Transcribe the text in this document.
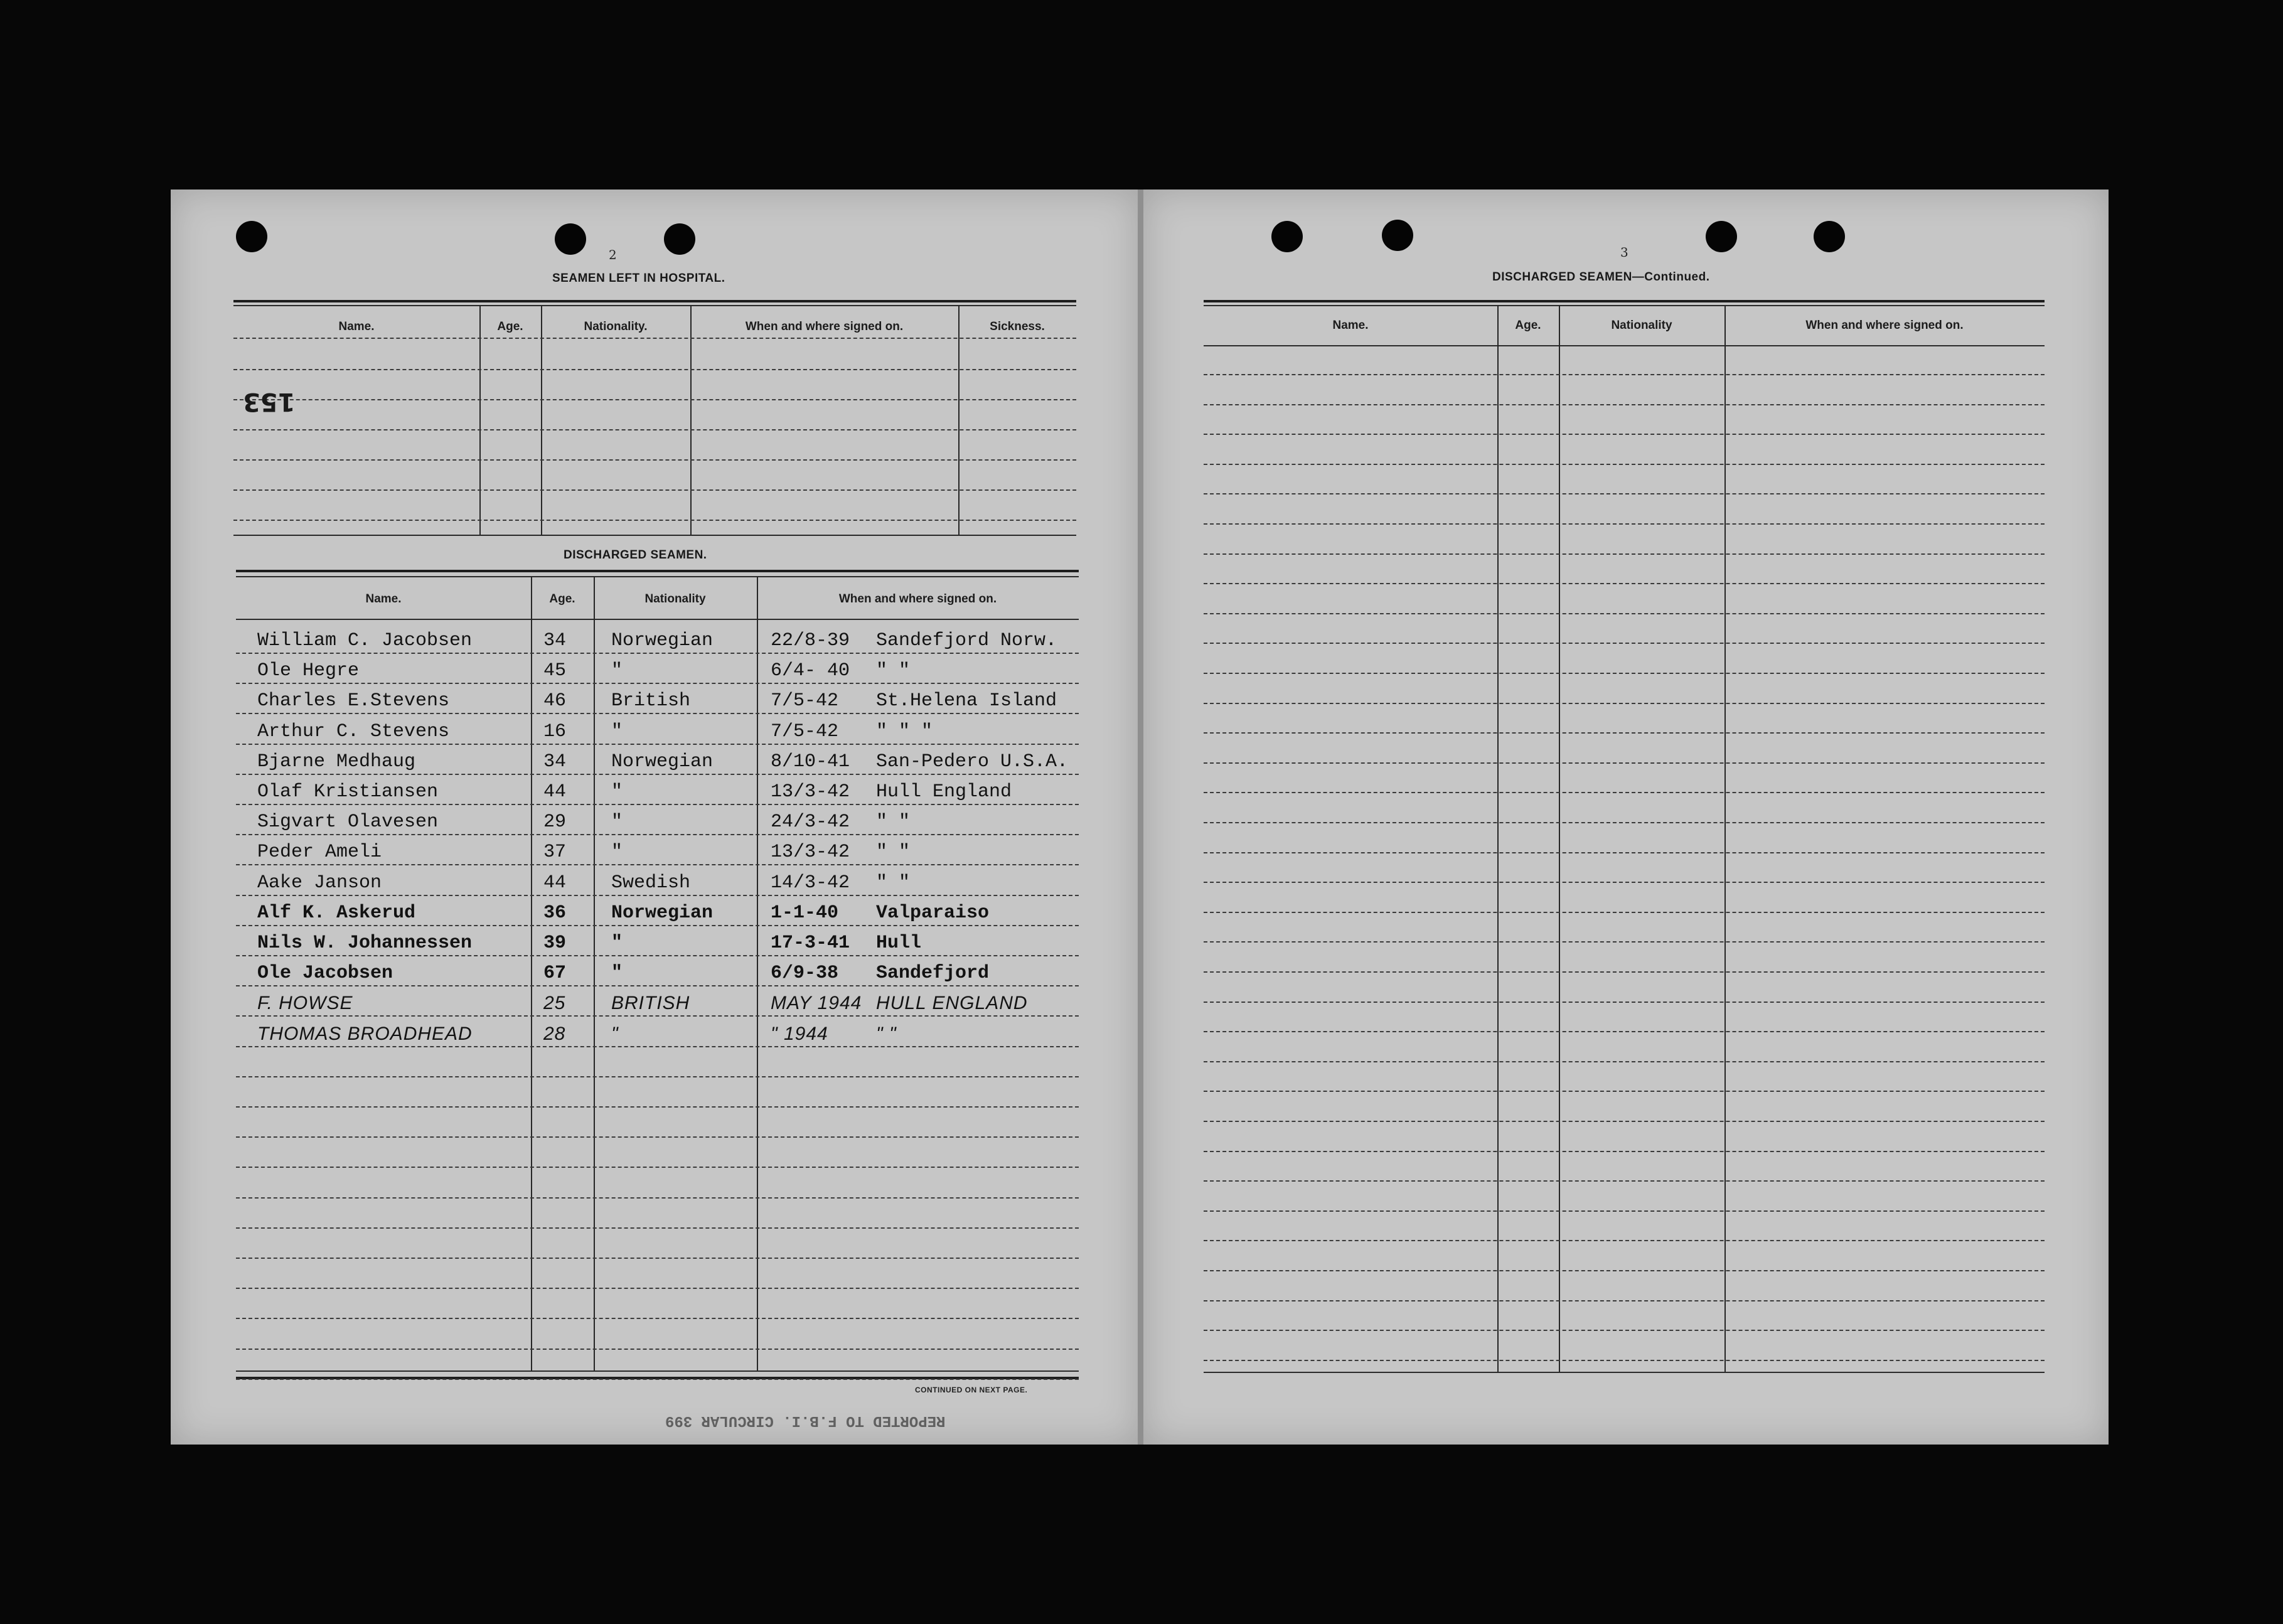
2
SEAMEN LEFT IN HOSPITAL.
Name.	Age.	Nationality.	When and where signed on.	Sickness.
153
DISCHARGED SEAMEN.
Name.	Age.	Nationality	When and where signed on.
William C. Jacobsen	34 Norwegian	22/8-39 Sandefjord Norw.
Ole Hegre	45 "	6/4- 40 " "
Charles E.Stevens	46 British	7/5-42 St.Helena Island
Arthur C. Stevens	16 "	7/5-42 " " "
Bjarne Medhaug	34 Norwegian	8/10-41 San-Pedero U.S.A.
Olaf Kristiansen	44 "	13/3-42 Hull England
Sigvart Olavesen	29 "	24/3-42 " "
Peder Ameli	37 "	13/3-42 " "
Aake Janson	44 Swedish	14/3-42 " "
Alf K. Askerud	36 Norwegian	1-1-40 Valparaiso
Nils W. Johannessen	39 "	17-3-41 Hull
Ole Jacobsen	67 "	6/9-38 Sandefjord
F. HOWSE	25 BRITISH	MAY 1944 HULL ENGLAND
THOMAS BROADHEAD	28 "	" 1944	" "
CONTINUED ON NEXT PAGE.
REPORTED TO F.B.I. CIRCULAR 399
3
DISCHARGED SEAMEN—Continued.
Name.	Age.	Nationality	When and where signed on.
